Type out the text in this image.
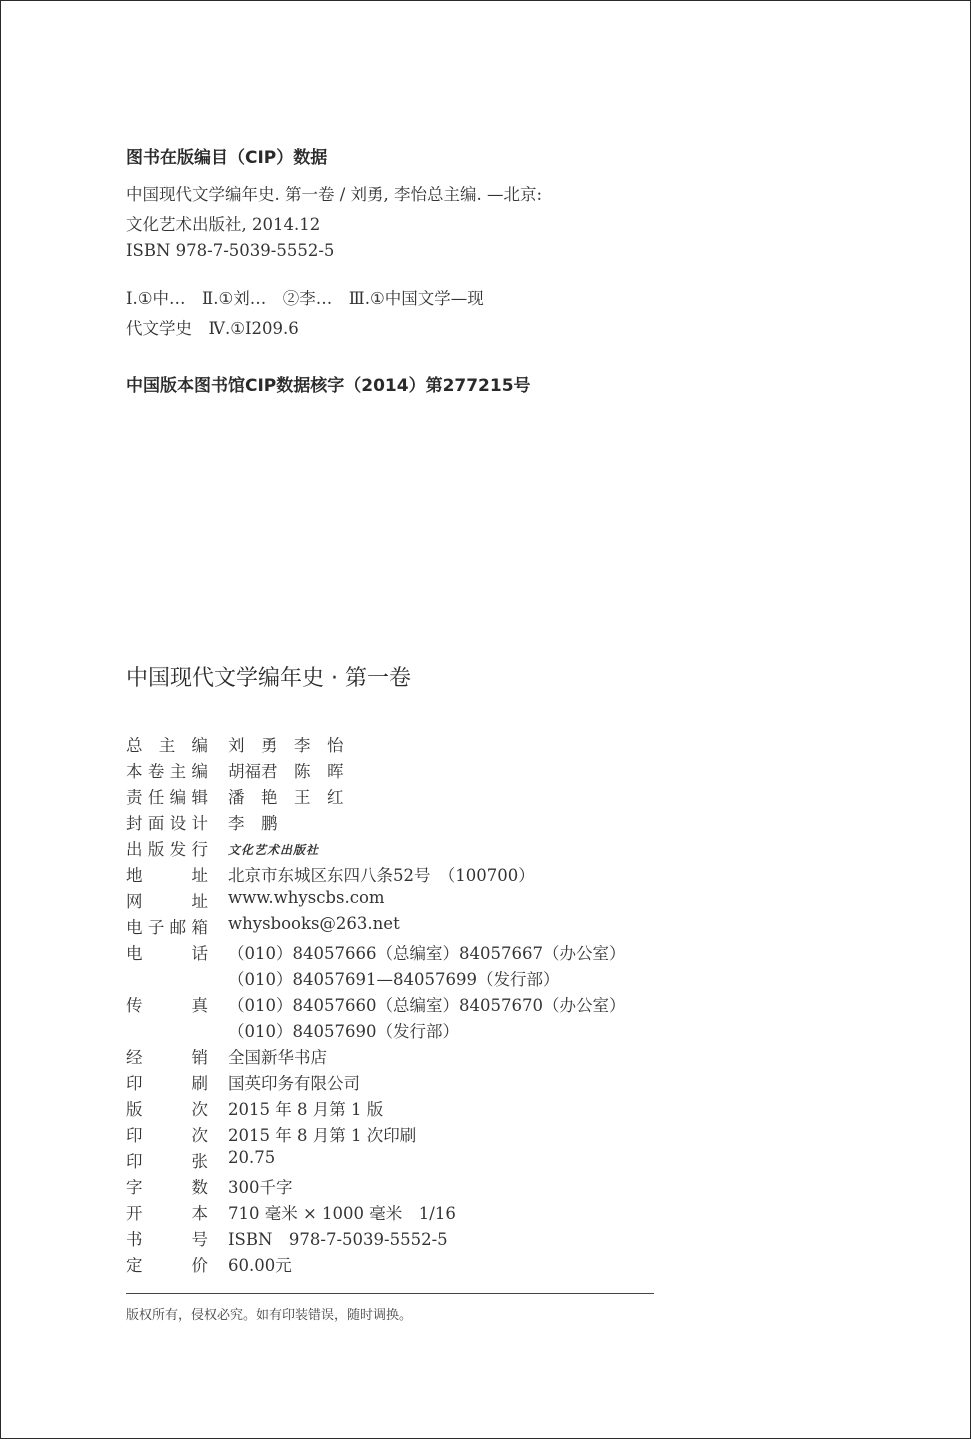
图书在版编目（CIP）数据
中国现代文学编年史. 第一卷 / 刘勇, 李怡总主编. —北京:
文化艺术出版社, 2014.12
ISBN 978-7-5039-5552-5
Ⅰ.①中…　Ⅱ.①刘…　②李…　Ⅲ.①中国文学—现
代文学史　Ⅳ.①I209.6
中国版本图书馆CIP数据核字（2014）第277215号
中国现代文学编年史 · 第一卷
总 主 编 刘　勇　李　怡
本 卷 主 编 胡福君　陈　晖
责 任 编 辑 潘　艳　王　红
封 面 设 计 李　鹏
出 版 发 行 文化艺术出版社
地	址 北京市东城区东四八条52号　（100700）
网	址 www.whyscbs.com
电 子 邮 箱 whysbooks@263.net
电	话 （010）84057666（总编室）84057667（办公室）
（010）84057691—84057699（发行部）
传	真 （010）84057660（总编室）84057670（办公室）
（010）84057690（发行部）
经	销 全国新华书店
印	刷 国英印务有限公司
版	次 2015 年 8 月第 1 版
印	次 2015 年 8 月第 1 次印刷
印	张 20.75
字	数 300千字
开	本 710 毫米 × 1000 毫米　1/16
书	号 ISBN　978-7-5039-5552-5
定	价 60.00元
版权所有，侵权必究。如有印装错误，随时调换。
